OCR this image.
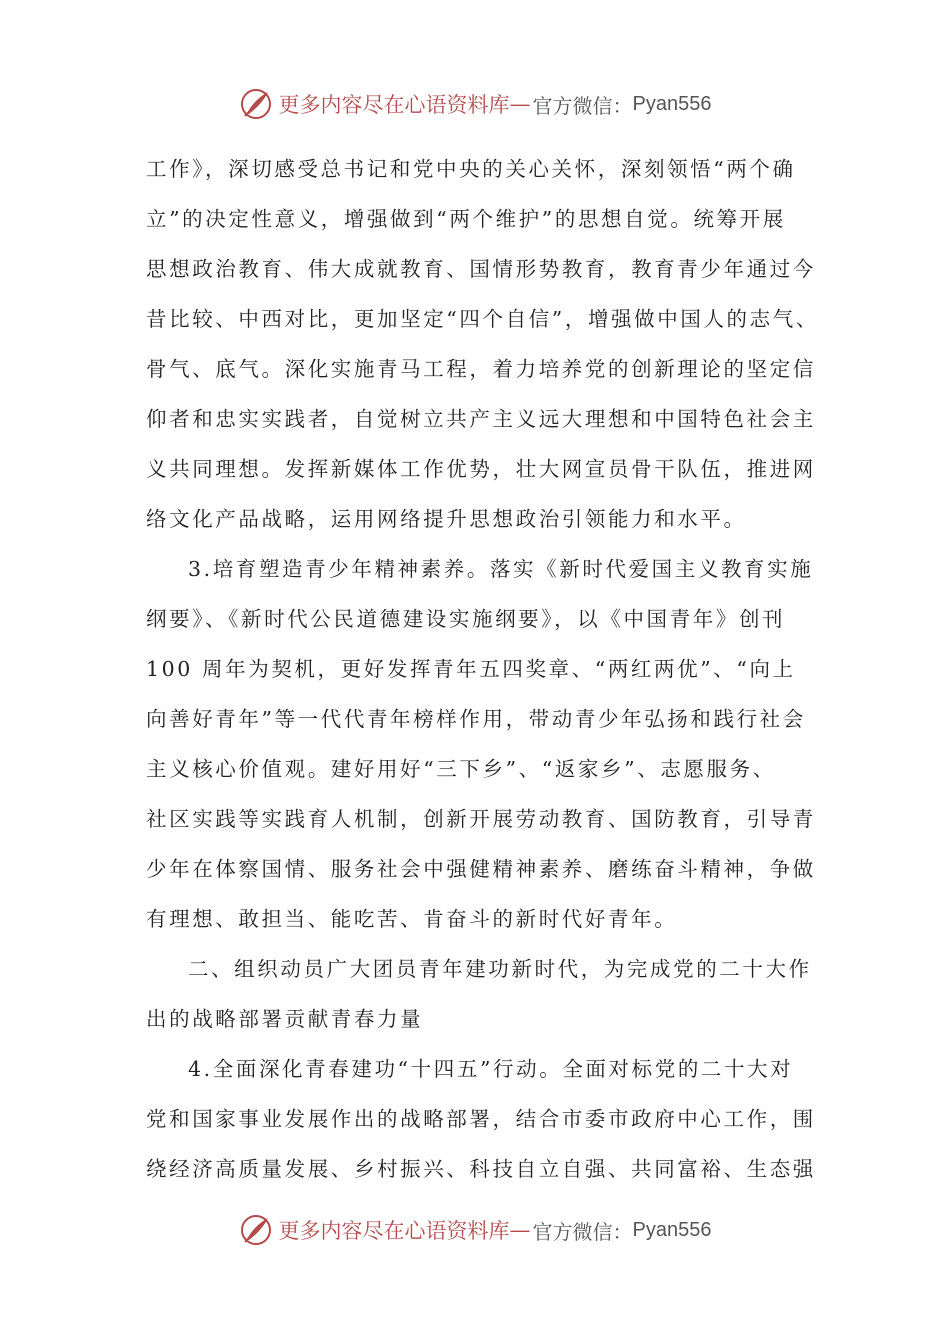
更多内容尽在心语资料库 — 官方微信： Pyan556
工作》，深切感受总书记和党中央的关心关怀，深刻领悟“两个确
立”的决定性意义，增强做到“两个维护”的思想自觉。统筹开展
思想政治教育、伟大成就教育、国情形势教育，教育青少年通过今
昔比较、中西对比，更加坚定“四个自信”，增强做中国人的志气、
骨气、底气。深化实施青马工程，着力培养党的创新理论的坚定信
仰者和忠实实践者，自觉树立共产主义远大理想和中国特色社会主
义共同理想。发挥新媒体工作优势，壮大网宣员骨干队伍，推进网
络文化产品战略，运用网络提升思想政治引领能力和水平。
3.培育塑造青少年精神素养。落实《新时代爱国主义教育实施
纲要》、《新时代公民道德建设实施纲要》，以《中国青年》创刊
100 周年为契机，更好发挥青年五四奖章、“两红两优”、“向上
向善好青年”等一代代青年榜样作用，带动青少年弘扬和践行社会
主义核心价值观。建好用好“三下乡”、“返家乡”、志愿服务、
社区实践等实践育人机制，创新开展劳动教育、国防教育，引导青
少年在体察国情、服务社会中强健精神素养、磨练奋斗精神，争做
有理想、敢担当、能吃苦、肯奋斗的新时代好青年。
二、组织动员广大团员青年建功新时代，为完成党的二十大作
出的战略部署贡献青春力量
4.全面深化青春建功“十四五”行动。全面对标党的二十大对
党和国家事业发展作出的战略部署，结合市委市政府中心工作，围
绕经济高质量发展、乡村振兴、科技自立自强、共同富裕、生态强
更多内容尽在心语资料库 — 官方微信： Pyan556
